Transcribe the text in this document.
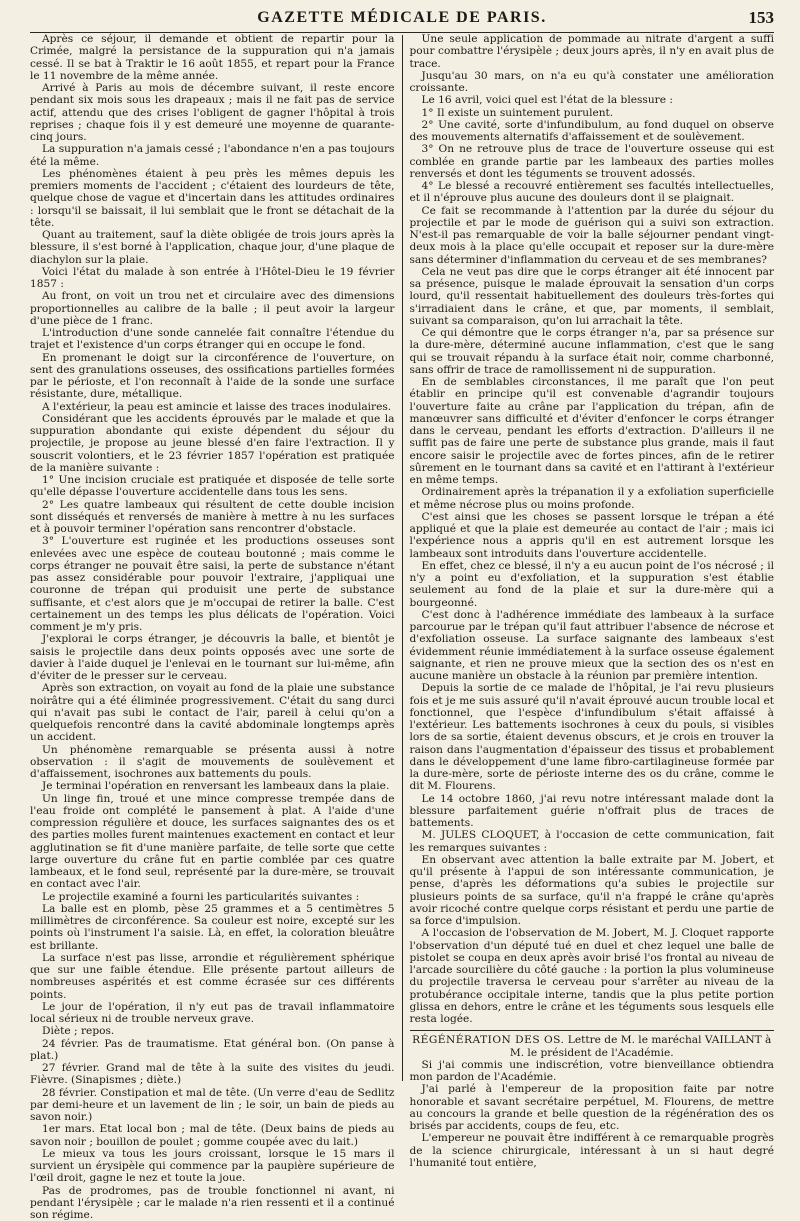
GAZETTE MÉDICALE DE PARIS.	153

Après ce séjour, il demande et obtient de repartir pour la Crimée, malgré la persistance de la suppuration qui n'a jamais cessé. Il se bat à Traktir le 16 août 1855, et repart pour la France le 11 novembre de la même année.

Arrivé à Paris au mois de décembre suivant, il reste encore pendant six mois sous les drapeaux ; mais il ne fait pas de service actif, attendu que des crises l'obligent de gagner l'hôpital à trois reprises ; chaque fois il y est demeuré une moyenne de quarante-cinq jours.

La suppuration n'a jamais cessé ; l'abondance n'en a pas toujours été la même.

Les phénomènes étaient à peu près les mêmes depuis les premiers moments de l'accident ; c'étaient des lourdeurs de tête, quelque chose de vague et d'incertain dans les attitudes ordinaires : lorsqu'il se baissait, il lui semblait que le front se détachait de la tête.

Quant au traitement, sauf la diète obligée de trois jours après la blessure, il s'est borné à l'application, chaque jour, d'une plaque de diachylon sur la plaie.

Voici l'état du malade à son entrée à l'Hôtel-Dieu le 19 février 1857 :

Au front, on voit un trou net et circulaire avec des dimensions proportionnelles au calibre de la balle ; il peut avoir la largeur d'une pièce de 1 franc.

L'introduction d'une sonde cannelée fait connaître l'étendue du trajet et l'existence d'un corps étranger qui en occupe le fond.

En promenant le doigt sur la circonférence de l'ouverture, on sent des granulations osseuses, des ossifications partielles formées par le périoste, et l'on reconnaît à l'aide de la sonde une surface résistante, dure, métallique.

A l'extérieur, la peau est amincie et laisse des traces inodulaires.

Considérant que les accidents éprouvés par le malade et que la suppuration abondante qui existe dépendent du séjour du projectile, je propose au jeune blessé d'en faire l'extraction. Il y souscrit volontiers, et le 23 février 1857 l'opération est pratiquée de la manière suivante :

1° Une incision cruciale est pratiquée et disposée de telle sorte qu'elle dépasse l'ouverture accidentelle dans tous les sens.

2° Les quatre lambeaux qui résultent de cette double incision sont disséqués et renversés de manière à mettre à nu les surfaces et à pouvoir terminer l'opération sans rencontrer d'obstacle.

3° L'ouverture est ruginée et les productions osseuses sont enlevées avec une espèce de couteau boutonné ; mais comme le corps étranger ne pouvait être saisi, la perte de substance n'étant pas assez considérable pour pouvoir l'extraire, j'appliquai une couronne de trépan qui produisit une perte de substance suffisante, et c'est alors que je m'occupai de retirer la balle. C'est certainement un des temps les plus délicats de l'opération. Voici comment je m'y pris.

J'explorai le corps étranger, je découvris la balle, et bientôt je saisis le projectile dans deux points opposés avec une sorte de davier à l'aide duquel je l'enlevai en le tournant sur lui-même, afin d'éviter de le presser sur le cerveau.

Après son extraction, on voyait au fond de la plaie une substance noirâtre qui a été éliminée progressivement. C'était du sang durci qui n'avait pas subi le contact de l'air, pareil à celui qu'on a quelquefois rencontré dans la cavité abdominale longtemps après un accident.

Un phénomène remarquable se présenta aussi à notre observation : il s'agit de mouvements de soulèvement et d'affaissement, isochrones aux battements du pouls.

Je terminai l'opération en renversant les lambeaux dans la plaie.

Un linge fin, troué et une mince compresse trempée dans de l'eau froide ont complété le pansement à plat. A l'aide d'une compression régulière et douce, les surfaces saignantes des os et des parties molles furent maintenues exactement en contact et leur agglutination se fit d'une manière parfaite, de telle sorte que cette large ouverture du crâne fut en partie comblée par ces quatre lambeaux, et le fond seul, représenté par la dure-mère, se trouvait en contact avec l'air.

Le projectile examiné a fourni les particularités suivantes :

La balle est en plomb, pèse 25 grammes et a 5 centimètres 5 millimètres de circonférence. Sa couleur est noire, excepté sur les points où l'instrument l'a saisie. Là, en effet, la coloration bleuâtre est brillante.

La surface n'est pas lisse, arrondie et régulièrement sphérique que sur une faible étendue. Elle présente partout ailleurs de nombreuses aspérités et est comme écrasée sur ces différents points.

Le jour de l'opération, il n'y eut pas de travail inflammatoire local sérieux ni de trouble nerveux grave.

Diète ; repos.

24 février. Pas de traumatisme. Etat général bon. (On panse à plat.)

27 février. Grand mal de tête à la suite des visites du jeudi. Fièvre. (Sinapismes ; diète.)

28 février. Constipation et mal de tête. (Un verre d'eau de Sedlitz par demi-heure et un lavement de lin ; le soir, un bain de pieds au savon noir.)

1er mars. Etat local bon ; mal de tête. (Deux bains de pieds au savon noir ; bouillon de poulet ; gomme coupée avec du lait.)

Le mieux va tous les jours croissant, lorsque le 15 mars il survient un érysipèle qui commence par la paupière supérieure de l'œil droit, gagne le nez et toute la joue.

Pas de prodromes, pas de trouble fonctionnel ni avant, ni pendant l'érysipèle ; car le malade n'a rien ressenti et il a continué son régime.

Une seule application de pommade au nitrate d'argent a suffi pour combattre l'érysipèle ; deux jours après, il n'y en avait plus de trace.

Jusqu'au 30 mars, on n'a eu qu'à constater une amélioration croissante.

Le 16 avril, voici quel est l'état de la blessure :

1° Il existe un suintement purulent.

2° Une cavité, sorte d'infundibulum, au fond duquel on observe des mouvements alternatifs d'affaissement et de soulèvement.

3° On ne retrouve plus de trace de l'ouverture osseuse qui est comblée en grande partie par les lambeaux des parties molles renversés et dont les téguments se trouvent adossés.

4° Le blessé a recouvré entièrement ses facultés intellectuelles, et il n'éprouve plus aucune des douleurs dont il se plaignait.

Ce fait se recommande à l'attention par la durée du séjour du projectile et par le mode de guérison qui a suivi son extraction. N'est-il pas remarquable de voir la balle séjourner pendant vingt-deux mois à la place qu'elle occupait et reposer sur la dure-mère sans déterminer d'inflammation du cerveau et de ses membranes?

Cela ne veut pas dire que le corps étranger ait été innocent par sa présence, puisque le malade éprouvait la sensation d'un corps lourd, qu'il ressentait habituellement des douleurs très-fortes qui s'irradiaient dans le crâne, et que, par moments, il semblait, suivant sa comparaison, qu'on lui arrachait la tête.

Ce qui démontre que le corps étranger n'a, par sa présence sur la dure-mère, déterminé aucune inflammation, c'est que le sang qui se trouvait répandu à la surface était noir, comme charbonné, sans offrir de trace de ramollissement ni de suppuration.

En de semblables circonstances, il me paraît que l'on peut établir en principe qu'il est convenable d'agrandir toujours l'ouverture faite au crâne par l'application du trépan, afin de manœuvrer sans difficulté et d'éviter d'enfoncer le corps étranger dans le cerveau, pendant les efforts d'extraction. D'ailleurs il ne suffit pas de faire une perte de substance plus grande, mais il faut encore saisir le projectile avec de fortes pinces, afin de le retirer sûrement en le tournant dans sa cavité et en l'attirant à l'extérieur en même temps.

Ordinairement après la trépanation il y a exfoliation superficielle et même nécrose plus ou moins profonde.

C'est ainsi que les choses se passent lorsque le trépan a été appliqué et que la plaie est demeurée au contact de l'air ; mais ici l'expérience nous a appris qu'il en est autrement lorsque les lambeaux sont introduits dans l'ouverture accidentelle.

En effet, chez ce blessé, il n'y a eu aucun point de l'os nécrosé ; il n'y a point eu d'exfoliation, et la suppuration s'est établie seulement au fond de la plaie et sur la dure-mère qui a bourgeonné.

C'est donc à l'adhérence immédiate des lambeaux à la surface parcourue par le trépan qu'il faut attribuer l'absence de nécrose et d'exfoliation osseuse. La surface saignante des lambeaux s'est évidemment réunie immédiatement à la surface osseuse également saignante, et rien ne prouve mieux que la section des os n'est en aucune manière un obstacle à la réunion par première intention.

Depuis la sortie de ce malade de l'hôpital, je l'ai revu plusieurs fois et je me suis assuré qu'il n'avait éprouvé aucun trouble local et fonctionnel, que l'espèce d'infundibulum s'était affaissé à l'extérieur. Les battements isochrones à ceux du pouls, si visibles lors de sa sortie, étaient devenus obscurs, et je crois en trouver la raison dans l'augmentation d'épaisseur des tissus et probablement dans le développement d'une lame fibro-cartilagineuse formée par la dure-mère, sorte de périoste interne des os du crâne, comme le dit M. Flourens.

Le 14 octobre 1860, j'ai revu notre intéressant malade dont la blessure parfaitement guérie n'offrait plus de traces de battements.

M. JULES CLOQUET, à l'occasion de cette communication, fait les remarques suivantes :

En observant avec attention la balle extraite par M. Jobert, et qu'il présente à l'appui de son intéressante communication, je pense, d'après les déformations qu'a subies le projectile sur plusieurs points de sa surface, qu'il n'a frappé le crâne qu'après avoir ricoché contre quelque corps résistant et perdu une partie de sa force d'impulsion.

A l'occasion de l'observation de M. Jobert, M. J. Cloquet rapporte l'observation d'un député tué en duel et chez lequel une balle de pistolet se coupa en deux après avoir brisé l'os frontal au niveau de l'arcade sourcilière du côté gauche : la portion la plus volumineuse du projectile traversa le cerveau pour s'arrêter au niveau de la protubérance occipitale interne, tandis que la plus petite portion glissa en dehors, entre le crâne et les téguments sous lesquels elle resta logée.

RÉGÉNÉRATION DES OS. Lettre de M. le maréchal VAILLANT à M. le président de l'Académie.

Si j'ai commis une indiscrétion, votre bienveillance obtiendra mon pardon de l'Académie.

J'ai parlé à l'empereur de la proposition faite par notre honorable et savant secrétaire perpétuel, M. Flourens, de mettre au concours la grande et belle question de la régénération des os brisés par accidents, coups de feu, etc.

L'empereur ne pouvait être indifférent à ce remarquable progrès de la science chirurgicale, intéressant à un si haut degré l'humanité tout entière,
